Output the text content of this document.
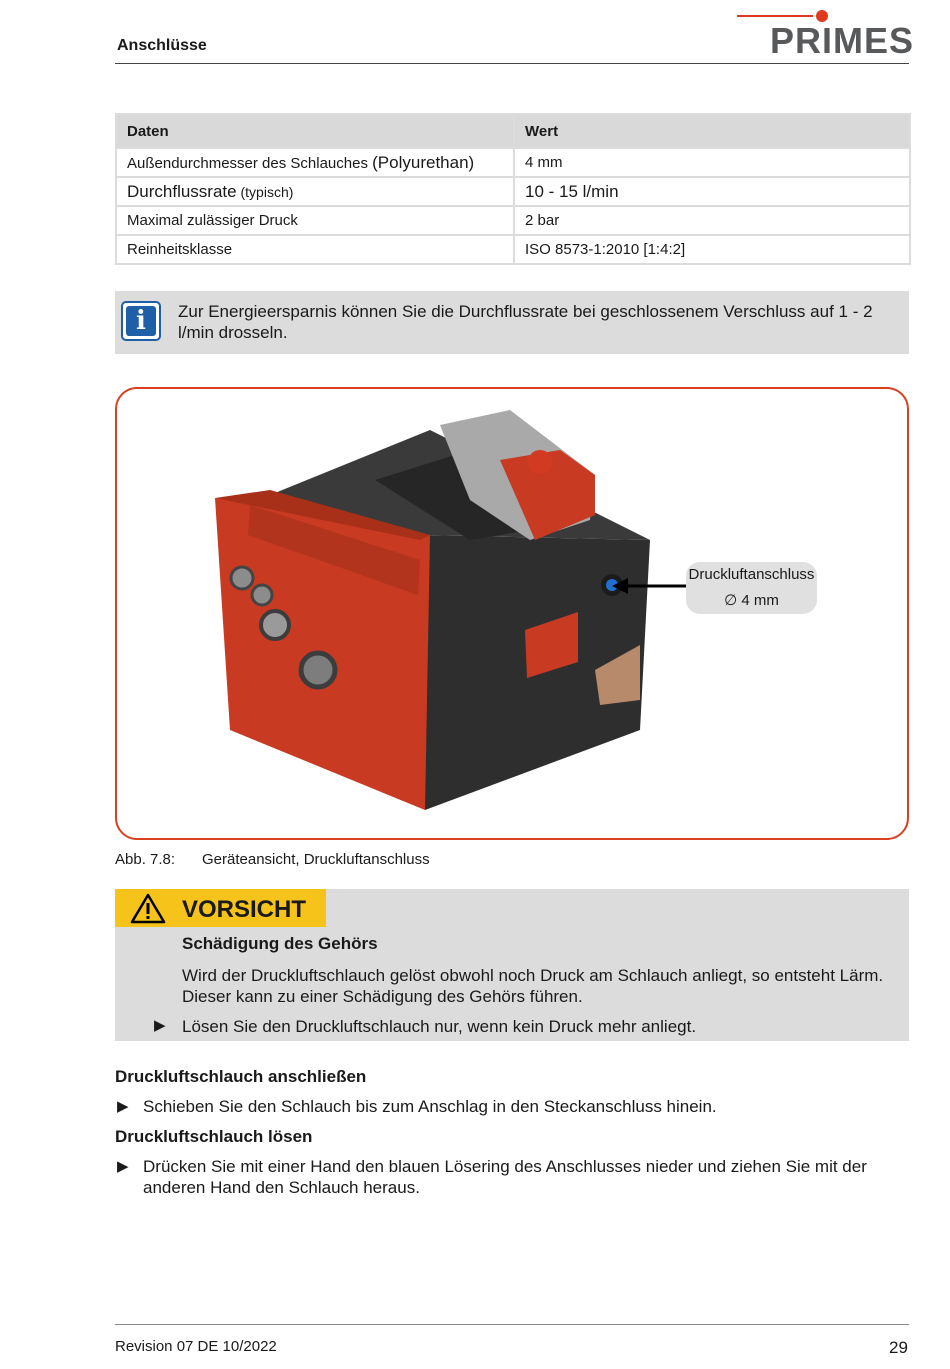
Anschlüsse	PRIMES
Daten	Wert
Außendurchmesser des Schlauches (Polyurethan)	4 mm
Durchflussrate (typisch)	10 - 15 l/min
Maximal zulässiger Druck	2 bar
Reinheitsklasse	ISO 8573-1:2010 [1:4:2]
i	Zur Energieersparnis können Sie die Durchflussrate bei geschlossenem Verschluss auf 1 - 2 l/min drosseln.
Druckluftanschluss
∅ 4 mm
Abb. 7.8: Geräteansicht, Druckluftanschluss
VORSICHT
Schädigung des Gehörs
Wird der Druckluftschlauch gelöst obwohl noch Druck am Schlauch anliegt, so entsteht Lärm. Dieser kann zu einer Schädigung des Gehörs führen.
▶ Lösen Sie den Druckluftschlauch nur, wenn kein Druck mehr anliegt.
Druckluftschlauch anschließen
▶ Schieben Sie den Schlauch bis zum Anschlag in den Steckanschluss hinein.
Druckluftschlauch lösen
▶ Drücken Sie mit einer Hand den blauen Lösering des Anschlusses nieder und ziehen Sie mit der anderen Hand den Schlauch heraus.
Revision 07 DE 10/2022	29
